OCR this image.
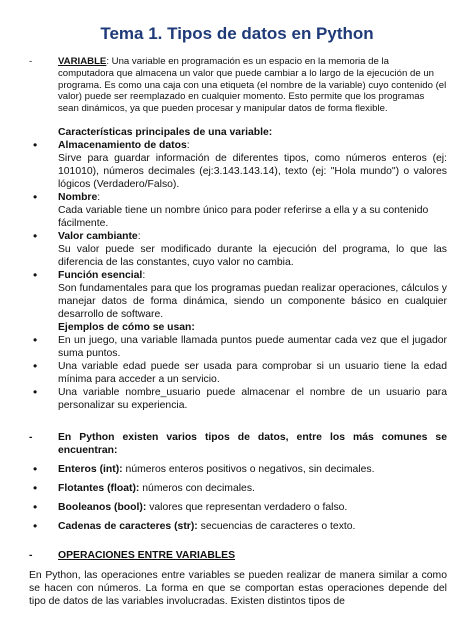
Tema 1. Tipos de datos en Python
-	VARIABLE: Una variable en programación es un espacio en la memoria de la computadora que almacena un valor que puede cambiar a lo largo de la ejecución de un programa. Es como una caja con una etiqueta (el nombre de la variable) cuyo contenido (el valor) puede ser reemplazado en cualquier momento. Esto permite que los programas sean dinámicos, ya que pueden procesar y manipular datos de forma flexible.

Características principales de una variable:

• Almacenamiento de datos:

Sirve para guardar información de diferentes tipos, como números enteros (ej: 101010), números decimales (ej:3.143.143.14), texto (ej: "Hola mundo") o valores lógicos (Verdadero/Falso).

• Nombre:

Cada variable tiene un nombre único para poder referirse a ella y a su contenido fácilmente.

• Valor cambiante:

Su valor puede ser modificado durante la ejecución del programa, lo que las diferencia de las constantes, cuyo valor no cambia.

• Función esencial:

Son fundamentales para que los programas puedan realizar operaciones, cálculos y manejar datos de forma dinámica, siendo un componente básico en cualquier desarrollo de software.

Ejemplos de cómo se usan:

• En un juego, una variable llamada puntos puede aumentar cada vez que el jugador suma puntos.
• Una variable edad puede ser usada para comprobar si un usuario tiene la edad mínima para acceder a un servicio.
• Una variable nombre_usuario puede almacenar el nombre de un usuario para personalizar su experiencia.
-	En Python existen varios tipos de datos, entre los más comunes se encuentran:

• Enteros (int): números enteros positivos o negativos, sin decimales.
• Flotantes (float): números con decimales.
• Booleanos (bool): valores que representan verdadero o falso.
• Cadenas de caracteres (str): secuencias de caracteres o texto.
-	OPERACIONES ENTRE VARIABLES

En Python, las operaciones entre variables se pueden realizar de manera similar a como se hacen con números. La forma en que se comportan estas operaciones depende del tipo de datos de las variables involucradas. Existen distintos tipos de
